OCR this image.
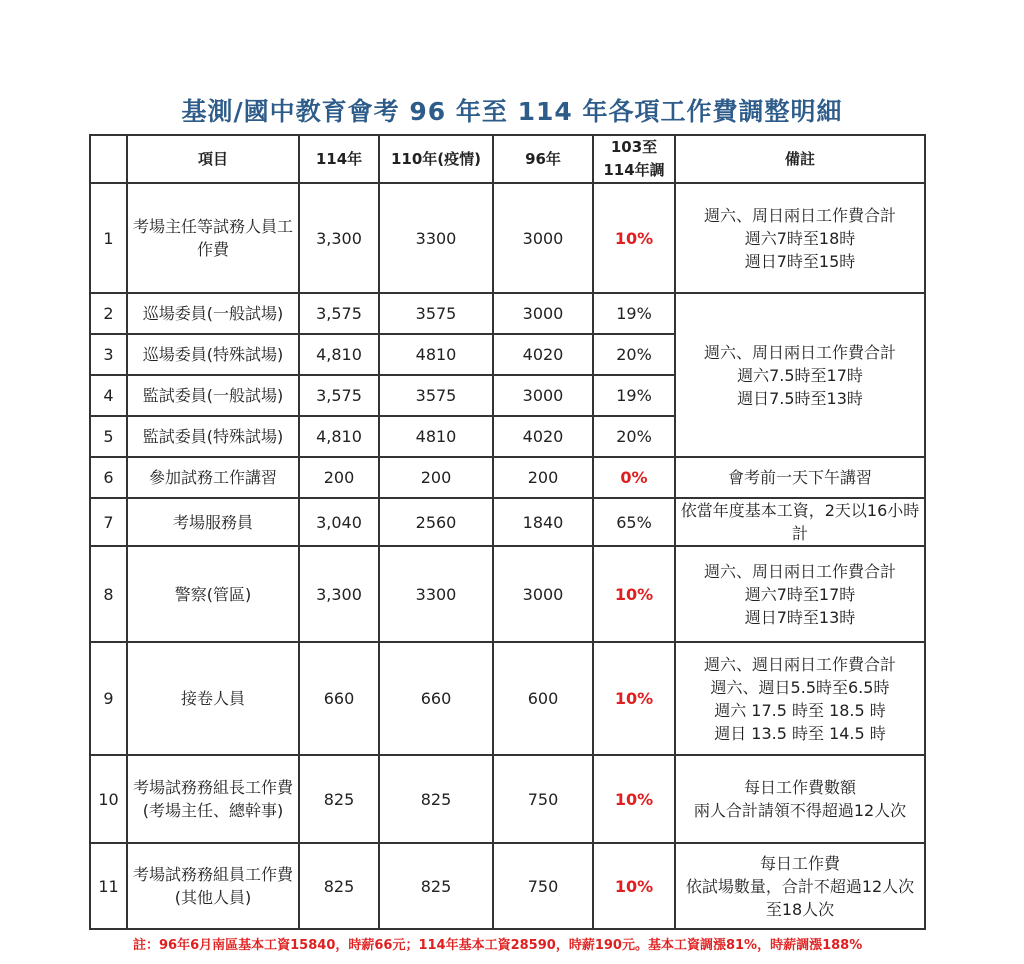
基測/國中教育會考 96 年至 114 年各項工作費調整明細
	項目	114年	110年(疫情)	96年	103至
114年調	備註
1	考場主任等試務人員工作費	3,300	3300	3000	10%	週六、周日兩日工作費合計
週六7時至18時
週日7時至15時
2	巡場委員(一般試場)	3,575	3575	3000	19%	週六、周日兩日工作費合計
週六7.5時至17時
週日7.5時至13時
3	巡場委員(特殊試場)	4,810	4810	4020	20%	
4	監試委員(一般試場)	3,575	3575	3000	19%	
5	監試委員(特殊試場)	4,810	4810	4020	20%	
6	參加試務工作講習	200	200	200	0%	會考前一天下午講習
7	考場服務員	3,040	2560	1840	65%	依當年度基本工資，2天以16小時計
8	警察(管區)	3,300	3300	3000	10%	週六、周日兩日工作費合計
週六7時至17時
週日7時至13時
9	接卷人員	660	660	600	10%	週六、週日兩日工作費合計
週六、週日5.5時至6.5時
週六 17.5 時至 18.5 時
週日 13.5 時至 14.5 時
10	考場試務務組長工作費
(考場主任、總幹事)	825	825	750	10%	每日工作費數額
兩人合計請領不得超過12人次
11	考場試務務組員工作費
(其他人員)	825	825	750	10%	每日工作費
依試場數量，合計不超過12人次至18人次
註：96年6月南區基本工資15840，時薪66元；114年基本工資28590，時薪190元。基本工資調漲81%，時薪調漲188%
